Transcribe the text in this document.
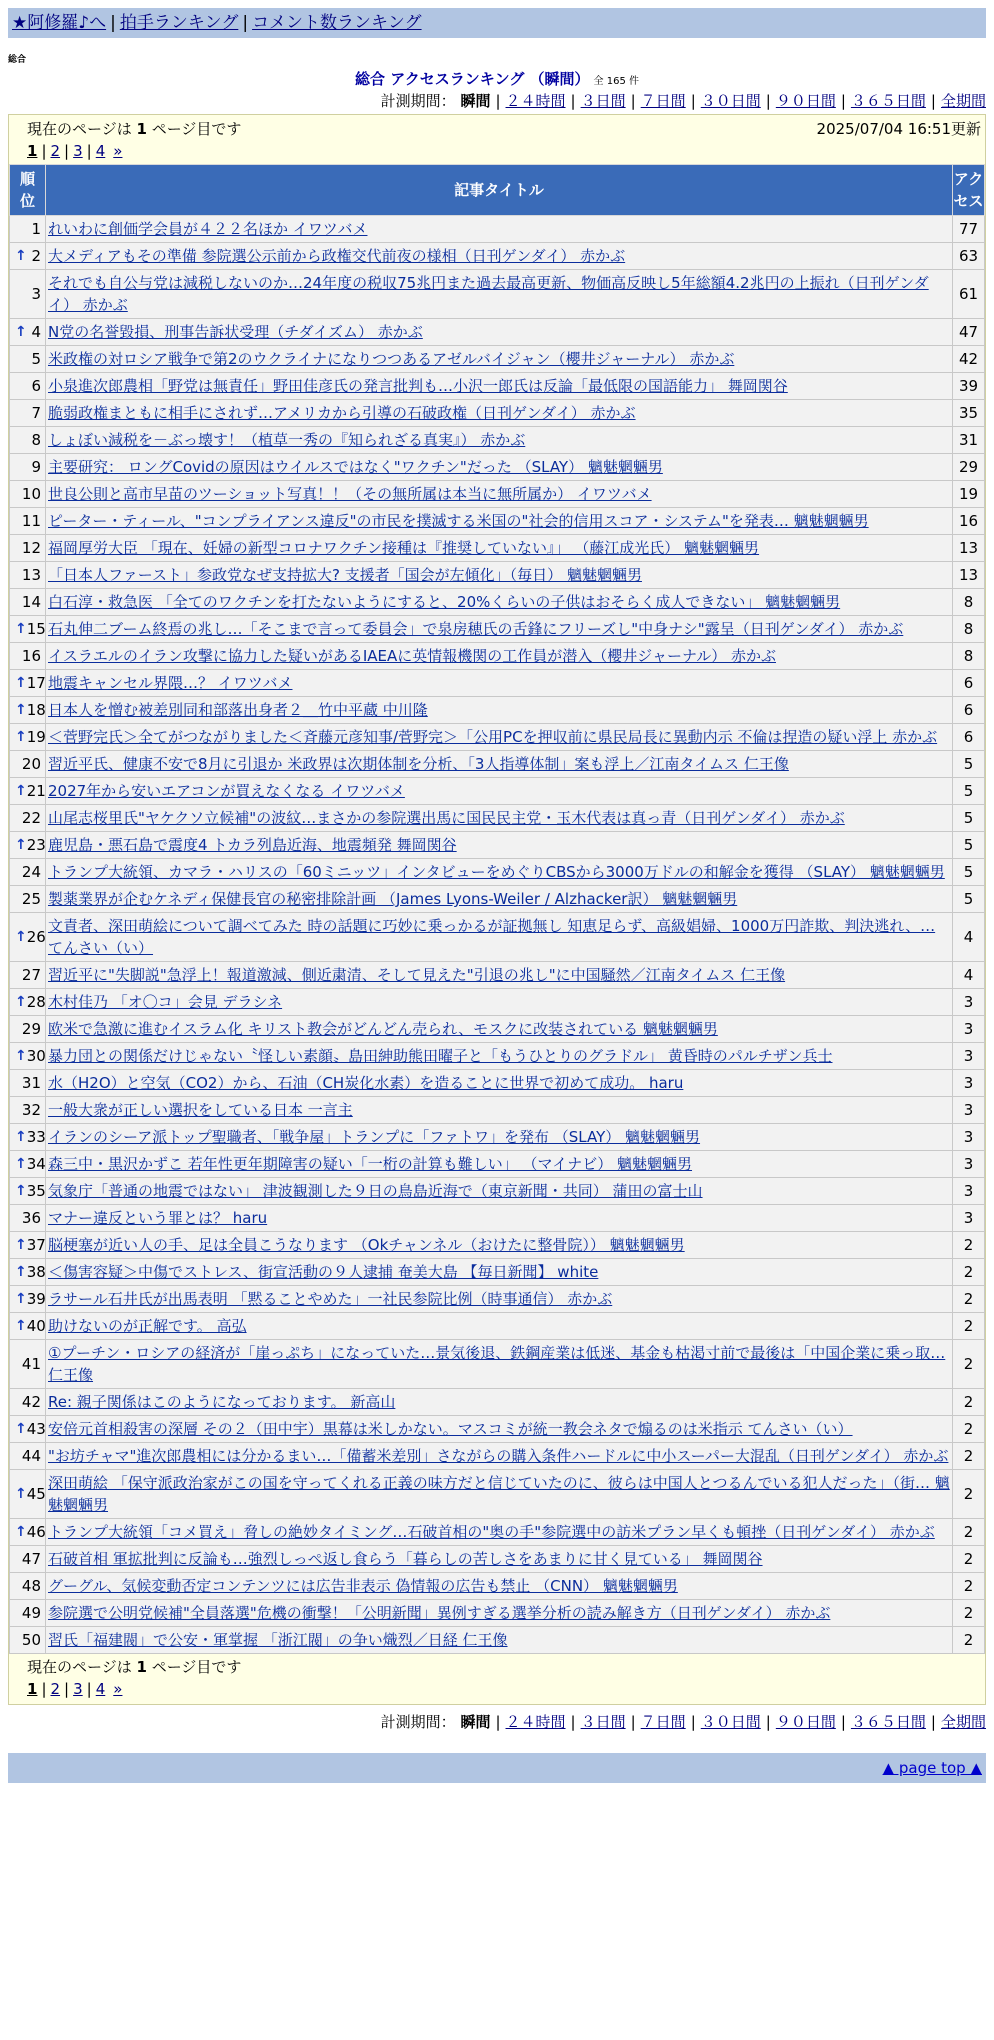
★阿修羅♪へ | 拍手ランキング | コメント数ランキング
総合
総合 アクセスランキング （瞬間） 全 165 件
計測期間： 瞬間 | ２４時間 | ３日間 | ７日間 | ３０日間 | ９０日間 | ３６５日間 | 全期間
現在のページは 1 ページ目です	2025/07/04 16:51更新
1 | 2 | 3 | 4 »
順位	記事タイトル	アクセス
1	れいわに創価学会員が４２２名ほか イワツバメ	77

↑ 2	大メディアもその準備 参院選公示前から政権交代前夜の様相（日刊ゲンダイ） 赤かぶ	63
3	それでも自公与党は減税しないのか…24年度の税収75兆円また過去最高更新、物価高反映し5年総額4.2兆円の上振れ（日刊ゲンダイ） 赤かぶ	61

↑ 4	N党の名誉毀損、刑事告訴状受理（チダイズム） 赤かぶ	47
5	米政権の対ロシア戦争で第2のウクライナになりつつあるアゼルバイジャン（櫻井ジャーナル） 赤かぶ	42
6	小泉進次郎農相「野党は無責任」野田佳彦氏の発言批判も…小沢一郎氏は反論「最低限の国語能力」 舞岡関谷	39
7	脆弱政権まともに相手にされず…アメリカから引導の石破政権（日刊ゲンダイ） 赤かぶ	35
8	しょぼい減税を－ぶっ壊す！（植草一秀の『知られざる真実』） 赤かぶ	31
9	主要研究： ロングCovidの原因はウイルスではなく"ワクチン"だった （SLAY） 魑魅魍魎男	29
10	世良公則と高市早苗のツーショット写真！！（その無所属は本当に無所属か） イワツバメ	19
11	ピーター・ティール、"コンプライアンス違反"の市民を撲滅する米国の"社会的信用スコア・システム"を発表… 魑魅魍魎男	16
12	福岡厚労大臣 「現在、妊婦の新型コロナワクチン接種は『推奨していない』」 （藤江成光氏） 魑魅魍魎男	13
13	「日本人ファースト」参政党なぜ支持拡大? 支援者「国会が左傾化」（毎日） 魑魅魍魎男	13
14	白石淳・救急医 「全てのワクチンを打たないようにすると、20%くらいの子供はおそらく成人できない」 魑魅魍魎男	8

↑ 15	石丸伸二ブーム終焉の兆し…「そこまで言って委員会」で泉房穂氏の舌鋒にフリーズし"中身ナシ"露呈（日刊ゲンダイ） 赤かぶ	8
16	イスラエルのイラン攻撃に協力した疑いがあるIAEAに英情報機関の工作員が潜入（櫻井ジャーナル） 赤かぶ	8

↑ 17	地震キャンセル界隈…？ イワツバメ	6

↑ 18	日本人を憎む被差別同和部落出身者２＿竹中平蔵 中川隆	6

↑ 19	＜菅野完氏＞全てがつながりました＜斉藤元彦知事/菅野完＞「公用PCを押収前に県民局長に異動内示 不倫は捏造の疑い浮上 赤かぶ	6
20	習近平氏、健康不安で8月に引退か 米政界は次期体制を分析、「3人指導体制」案も浮上／江南タイムス 仁王像	5

↑ 21	2027年から安いエアコンが買えなくなる イワツバメ	5
22	山尾志桜里氏"ヤケクソ立候補"の波紋…まさかの参院選出馬に国民民主党・玉木代表は真っ青（日刊ゲンダイ） 赤かぶ	5

↑ 23	鹿児島・悪石島で震度4 トカラ列島近海、地震頻発 舞岡関谷	5
24	トランプ大統領、カマラ・ハリスの「60ミニッツ」インタビューをめぐりCBSから3000万ドルの和解金を獲得 （SLAY） 魑魅魍魎男	5
25	製薬業界が企むケネディ保健長官の秘密排除計画 （James Lyons-Weiler / Alzhacker訳） 魑魅魍魎男	5

↑ 26	文責者、深田萌絵について調べてみた 時の話題に巧妙に乗っかるが証拠無し 知恵足らず、高級娼婦、1000万円詐欺、判決逃れ、… てんさい（い）	4
27	習近平に"失脚説"急浮上！報道激減、側近粛清、そして見えた"引退の兆し"に中国騒然／江南タイムス 仁王像	4

↑ 28	木村佳乃 「オ〇コ」会見 デラシネ	3
29	欧米で急激に進むイスラム化 キリスト教会がどんどん売られ、モスクに改装されている 魑魅魍魎男	3

↑ 30	暴力団との関係だけじゃない〝怪しい素顔〟島田紳助熊田曜子と「もうひとりのグラドル」 黄昏時のパルチザン兵士	3
31	水（H2O）と空気（CO2）から、石油（CH炭化水素）を造ることに世界で初めて成功。 haru	3
32	一般大衆が正しい選択をしている日本 一言主	3

↑ 33	イランのシーア派トップ聖職者、「戦争屋」トランプに「ファトワ」を発布 （SLAY） 魑魅魍魎男	3

↑ 34	森三中・黒沢かずこ 若年性更年期障害の疑い「一桁の計算も難しい」 （マイナビ） 魑魅魍魎男	3

↑ 35	気象庁「普通の地震ではない」 津波観測した９日の鳥島近海で（東京新聞・共同） 蒲田の富士山	3
36	マナー違反という罪とは？ haru	3

↑ 37	脳梗塞が近い人の手、足は全員こうなります （Okチャンネル（おけたに整骨院）） 魑魅魍魎男	2

↑ 38	＜傷害容疑＞中傷でストレス、街宣活動の９人逮捕 奄美大島 【毎日新聞】 white	2

↑ 39	ラサール石井氏が出馬表明 「黙ることやめた」一社民参院比例（時事通信） 赤かぶ	2

↑ 40	助けないのが正解です。 高弘	2
41	①プーチン・ロシアの経済が「崖っぷち」になっていた…景気後退、鉄鋼産業は低迷、基金も枯渇寸前で最後は「中国企業に乗っ取… 仁王像	2
42	Re: 親子関係はこのようになっております。 新高山	2

↑ 43	安倍元首相殺害の深層 その２（田中宇）黒幕は米しかない。マスコミが統一教会ネタで煽るのは米指示 てんさい（い）	2
44	"お坊チャマ"進次郎農相には分かるまい…「備蓄米差別」さながらの購入条件ハードルに中小スーパー大混乱（日刊ゲンダイ） 赤かぶ	2

↑ 45	深田萌絵 「保守派政治家がこの国を守ってくれる正義の味方だと信じていたのに、彼らは中国人とつるんでいる犯人だった」（街… 魑魅魍魎男	2

↑ 46	トランプ大統領「コメ買え」脅しの絶妙タイミング…石破首相の"奥の手"参院選中の訪米プラン早くも頓挫（日刊ゲンダイ） 赤かぶ	2
47	石破首相 軍拡批判に反論も…強烈しっぺ返し食らう「暮らしの苦しさをあまりに甘く見ている」 舞岡関谷	2
48	グーグル、気候変動否定コンテンツには広告非表示 偽情報の広告も禁止 （CNN） 魑魅魍魎男	2
49	参院選で公明党候補"全員落選"危機の衝撃！「公明新聞」異例すぎる選挙分析の読み解き方（日刊ゲンダイ） 赤かぶ	2
50	習氏「福建閥」で公安・軍掌握 「浙江閥」の争い熾烈／日経 仁王像	2
現在のページは 1 ページ目です
1 | 2 | 3 | 4 »
計測期間： 瞬間 | ２４時間 | ３日間 | ７日間 | ３０日間 | ９０日間 | ３６５日間 | 全期間
▲ page top ▲
